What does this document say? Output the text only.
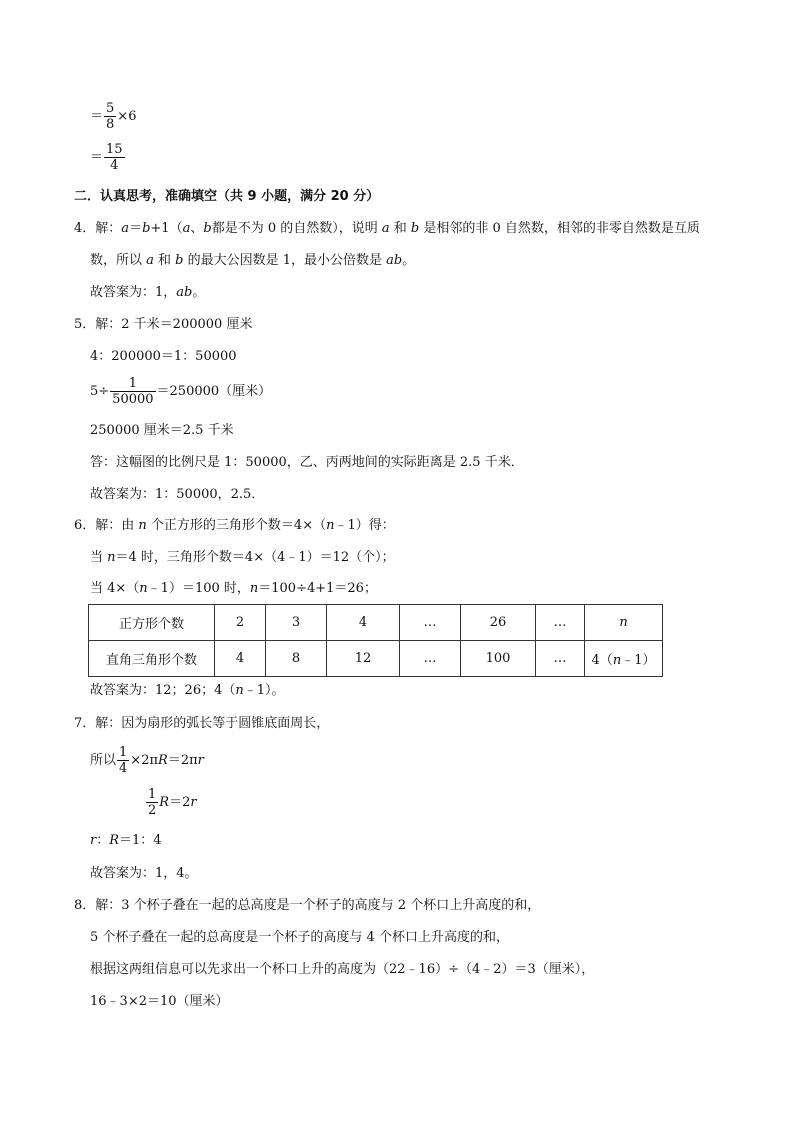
＝ $\frac{5}{8} \times 6$
＝ $\frac{15}{4}$
二．认真思考，准确填空（共 9 小题，满分 20 分）
4．解：a＝b+1（a、b都是不为 0 的自然数），说明 a 和 b 是相邻的非 0 自然数，相邻的非零自然数是互质
数，所以 a 和 b 的最大公因数是 1，最小公倍数是 ab。
故答案为：1，ab。
5．解：2 千米＝200000 厘米
4：200000＝1：50000
$5\div \frac{1}{50000} =250000$（厘米）
250000 厘米＝2.5 千米
答：这幅图的比例尺是 1：50000，乙、丙两地间的实际距离是 2.5 千米．
故答案为：1：50000，2.5．
6．解：由 n 个正方形的三角形个数＝4×（n﹣1）得：
当 n＝4 时，三角形个数＝4×（4﹣1）＝12（个）；
当 4×（n﹣1）＝100 时，n＝100÷4+1＝26；
正方形个数	2	3	4	…	26	…	n
直角三角形个数	4	8	12	…	100	…	4（n﹣1）
故答案为：12；26；4（n﹣1）。
7．解：因为扇形的弧长等于圆锥底面周长，
所以 $\frac{1}{4} \times 2\pi R=2\pi r$
$\frac{1}{2} R=2r$
r：R＝1：4
故答案为：1，4。
8．解：3 个杯子叠在一起的总高度是一个杯子的高度与 2 个杯口上升高度的和，
5 个杯子叠在一起的总高度是一个杯子的高度与 4 个杯口上升高度的和，
根据这两组信息可以先求出一个杯口上升的高度为（22﹣16）÷（4﹣2）＝3（厘米），
16﹣3×2＝10（厘米）
